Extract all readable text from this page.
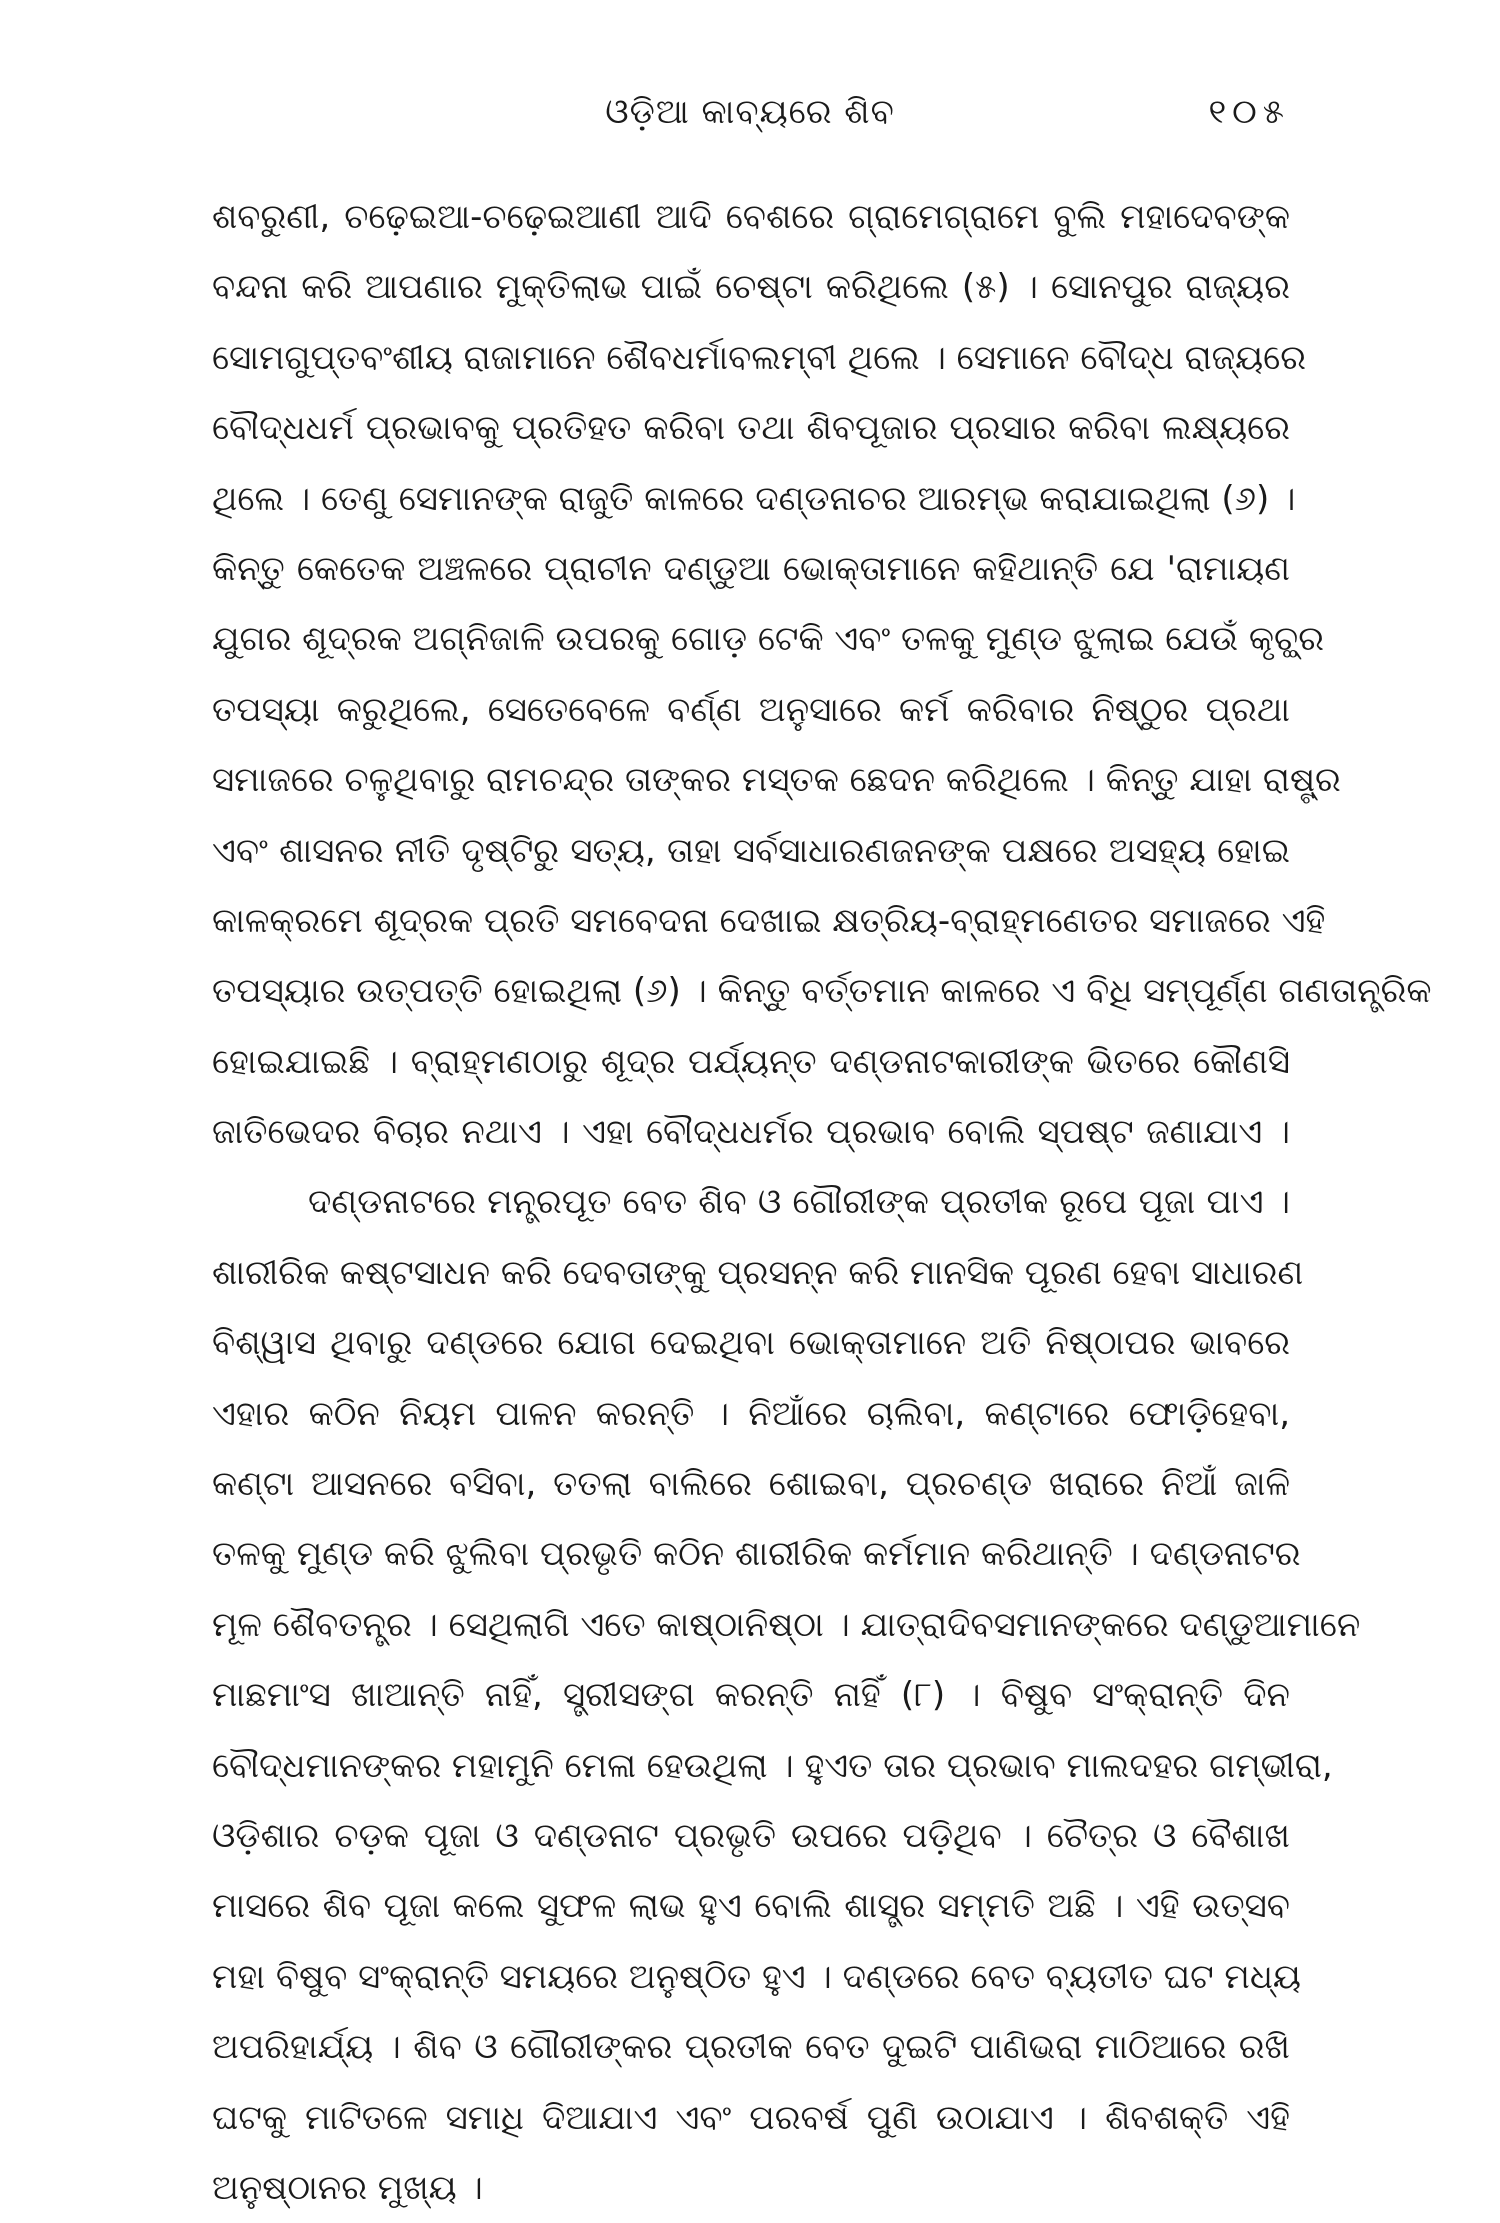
ଓଡ଼ିଆ କାବ୍ୟରେ ଶିବ	୧୦୫
ଶବରୁଣୀ, ଚଢ଼େଇଆ-ଚଢ଼େଇଆଣୀ ଆଦି ବେଶରେ ଗ୍ରାମେଗ୍ରାମେ ବୁଲି ମହାଦେବଙ୍କ
ବନ୍ଦନା କରି ଆପଣାର ମୁକ୍ତିଲାଭ ପାଇଁ ଚେଷ୍ଟା କରିଥିଲେ (୫) । ସୋନପୁର ରାଜ୍ୟର
ସୋମଗୁପ୍ତବଂଶୀୟ ରାଜାମାନେ ଶୈବଧର୍ମାବଲମ୍ବୀ ଥିଲେ । ସେମାନେ ବୌଦ୍ଧ ରାଜ୍ୟରେ
ବୌଦ୍ଧଧର୍ମ ପ୍ରଭାବକୁ ପ୍ରତିହତ କରିବା ତଥା ଶିବପୂଜାର ପ୍ରସାର କରିବା ଲକ୍ଷ୍ୟରେ
ଥିଲେ । ତେଣୁ ସେମାନଙ୍କ ରାଜୁତି କାଳରେ ଦଣ୍ଡନାଚର ଆରମ୍ଭ କରାଯାଇଥିଲା (୬) ।
କିନ୍ତୁ କେତେକ ଅଞ୍ଚଳରେ ପ୍ରାଚୀନ ଦଣ୍ଡୁଆ ଭୋକ୍ତାମାନେ କହିଥାନ୍ତି ଯେ 'ରାମାୟଣ
ଯୁଗର ଶୂଦ୍ରକ ଅଗ୍ନିଜାଳି ଉପରକୁ ଗୋଡ଼ ଟେକି ଏବଂ ତଳକୁ ମୁଣ୍ଡ ଝୁଲାଇ ଯେଉଁ କୃଚ୍ଛ୍ର
ତପସ୍ୟା କରୁଥିଲେ, ସେତେବେଳେ ବର୍ଣ୍ଣ ଅନୁସାରେ କର୍ମ କରିବାର ନିଷ୍ଠୁର ପ୍ରଥା
ସମାଜରେ ଚଳୁଥିବାରୁ ରାମଚନ୍ଦ୍ର ତାଙ୍କର ମସ୍ତକ ଛେଦନ କରିଥିଲେ । କିନ୍ତୁ ଯାହା ରାଷ୍ଟ୍ର
ଏବଂ ଶାସନର ନୀତି ଦୃଷ୍ଟିରୁ ସତ୍ୟ, ତାହା ସର୍ବସାଧାରଣଜନଙ୍କ ପକ୍ଷରେ ଅସହ୍ୟ ହୋଇ
କାଳକ୍ରମେ ଶୂଦ୍ରକ ପ୍ରତି ସମବେଦନା ଦେଖାଇ କ୍ଷତ୍ରିୟ-ବ୍ରାହ୍ମଣେତର ସମାଜରେ ଏହି
ତପସ୍ୟାର ଉତ୍ପତ୍ତି ହୋଇଥିଲା (୬) । କିନ୍ତୁ ବର୍ତ୍ତମାନ କାଳରେ ଏ ବିଧି ସମ୍ପୂର୍ଣ୍ଣ ଗଣତାନ୍ତ୍ରିକ
ହୋଇଯାଇଛି । ବ୍ରାହ୍ମଣଠାରୁ ଶୂଦ୍ର ପର୍ଯ୍ୟନ୍ତ ଦଣ୍ଡନାଟକାରୀଙ୍କ ଭିତରେ କୌଣସି
ଜାତିଭେଦର ବିଚାର ନଥାଏ । ଏହା ବୌଦ୍ଧଧର୍ମର ପ୍ରଭାବ ବୋଲି ସ୍ପଷ୍ଟ ଜଣାଯାଏ ।
ଦଣ୍ଡନାଟରେ ମନ୍ତ୍ରପୂତ ବେତ ଶିବ ଓ ଗୌରୀଙ୍କ ପ୍ରତୀକ ରୂପେ ପୂଜା ପାଏ ।
ଶାରୀରିକ କଷ୍ଟସାଧନ କରି ଦେବତାଙ୍କୁ ପ୍ରସନ୍ନ କରି ମାନସିକ ପୂରଣ ହେବା ସାଧାରଣ
ବିଶ୍ୱାସ ଥିବାରୁ ଦଣ୍ଡରେ ଯୋଗ ଦେଇଥିବା ଭୋକ୍ତାମାନେ ଅତି ନିଷ୍ଠାପର ଭାବରେ
ଏହାର କଠିନ ନିୟମ ପାଳନ କରନ୍ତି । ନିଆଁରେ ଚାଲିବା, କଣ୍ଟାରେ ଫୋଡ଼ିହେବା,
କଣ୍ଟା ଆସନରେ ବସିବା, ତତଲା ବାଲିରେ ଶୋଇବା, ପ୍ରଚଣ୍ଡ ଖରାରେ ନିଆଁ ଜାଳି
ତଳକୁ ମୁଣ୍ଡ କରି ଝୁଲିବା ପ୍ରଭୃତି କଠିନ ଶାରୀରିକ କର୍ମମାନ କରିଥାନ୍ତି । ଦଣ୍ଡନାଟର
ମୂଳ ଶୈବତନ୍ତ୍ର । ସେଥିଲାଗି ଏତେ କାଷ୍ଠାନିଷ୍ଠା । ଯାତ୍ରାଦିବସମାନଙ୍କରେ ଦଣ୍ଡୁଆମାନେ
ମାଛମାଂସ ଖାଆନ୍ତି ନାହିଁ, ସ୍ତ୍ରୀସଙ୍ଗ କରନ୍ତି ନାହିଁ (୮) । ବିଷୁବ ସଂକ୍ରାନ୍ତି ଦିନ
ବୌଦ୍ଧମାନଙ୍କର ମହାମୁନି ମେଳା ହେଉଥିଲା । ହୁଏତ ତାର ପ୍ରଭାବ ମାଲଦହର ଗମ୍ଭୀରା,
ଓଡ଼ିଶାର ଚଡ଼କ ପୂଜା ଓ ଦଣ୍ଡନାଟ ପ୍ରଭୃତି ଉପରେ ପଡ଼ିଥିବ । ଚୈତ୍ର ଓ ବୈଶାଖ
ମାସରେ ଶିବ ପୂଜା କଲେ ସୁଫଳ ଲାଭ ହୁଏ ବୋଲି ଶାସ୍ତ୍ର ସମ୍ମତି ଅଛି । ଏହି ଉତ୍ସବ
ମହା ବିଷୁବ ସଂକ୍ରାନ୍ତି ସମୟରେ ଅନୁଷ୍ଠିତ ହୁଏ । ଦଣ୍ଡରେ ବେତ ବ୍ୟତୀତ ଘଟ ମଧ୍ୟ
ଅପରିହାର୍ଯ୍ୟ । ଶିବ ଓ ଗୌରୀଙ୍କର ପ୍ରତୀକ ବେତ ଦୁଇଟି ପାଣିଭରା ମାଠିଆରେ ରଖି
ଘଟକୁ ମାଟିତଳେ ସମାଧି ଦିଆଯାଏ ଏବଂ ପରବର୍ଷ ପୁଣି ଉଠାଯାଏ । ଶିବଶକ୍ତି ଏହି
ଅନୁଷ୍ଠାନର ମୁଖ୍ୟ ।
